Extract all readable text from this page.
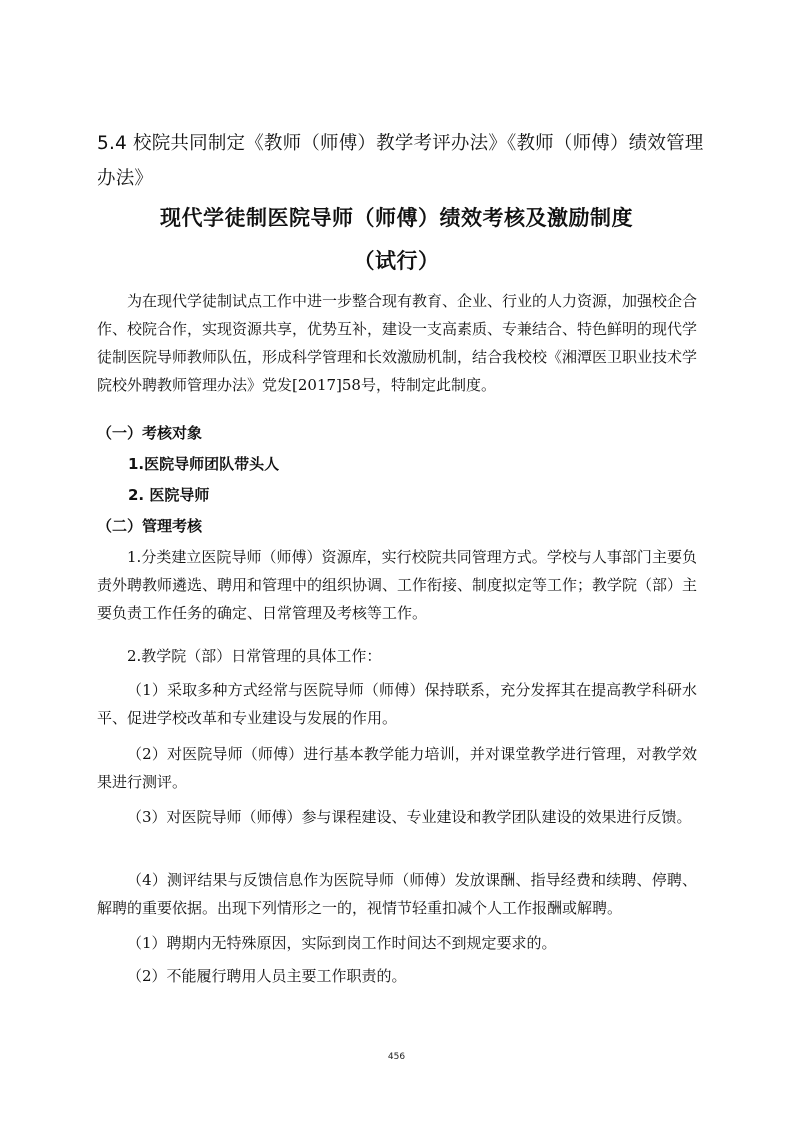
5.4 校院共同制定《教师（师傅）教学考评办法》《教师（师傅）绩效管理办法》
现代学徒制医院导师（师傅）绩效考核及激励制度
（试行）
为在现代学徒制试点工作中进一步整合现有教育、企业、行业的人力资源，加强校企合作、校院合作，实现资源共享，优势互补，建设一支高素质、专兼结合、特色鲜明的现代学徒制医院导师教师队伍，形成科学管理和长效激励机制，结合我校校《湘潭医卫职业技术学院校外聘教师管理办法》党发[2017]58号，特制定此制度。
（一）考核对象
1.医院导师团队带头人
2. 医院导师
（二）管理考核
1.分类建立医院导师（师傅）资源库，实行校院共同管理方式。学校与人事部门主要负责外聘教师遴选、聘用和管理中的组织协调、工作衔接、制度拟定等工作；教学院（部）主要负责工作任务的确定、日常管理及考核等工作。
2.教学院（部）日常管理的具体工作：
（1）采取多种方式经常与医院导师（师傅）保持联系，充分发挥其在提高教学科研水平、促进学校改革和专业建设与发展的作用。
（2）对医院导师（师傅）进行基本教学能力培训，并对课堂教学进行管理，对教学效果进行测评。
（3）对医院导师（师傅）参与课程建设、专业建设和教学团队建设的效果进行反馈。
（4）测评结果与反馈信息作为医院导师（师傅）发放课酬、指导经费和续聘、停聘、解聘的重要依据。出现下列情形之一的，视情节轻重扣减个人工作报酬或解聘。
（1）聘期内无特殊原因，实际到岗工作时间达不到规定要求的。
（2）不能履行聘用人员主要工作职责的。
456
